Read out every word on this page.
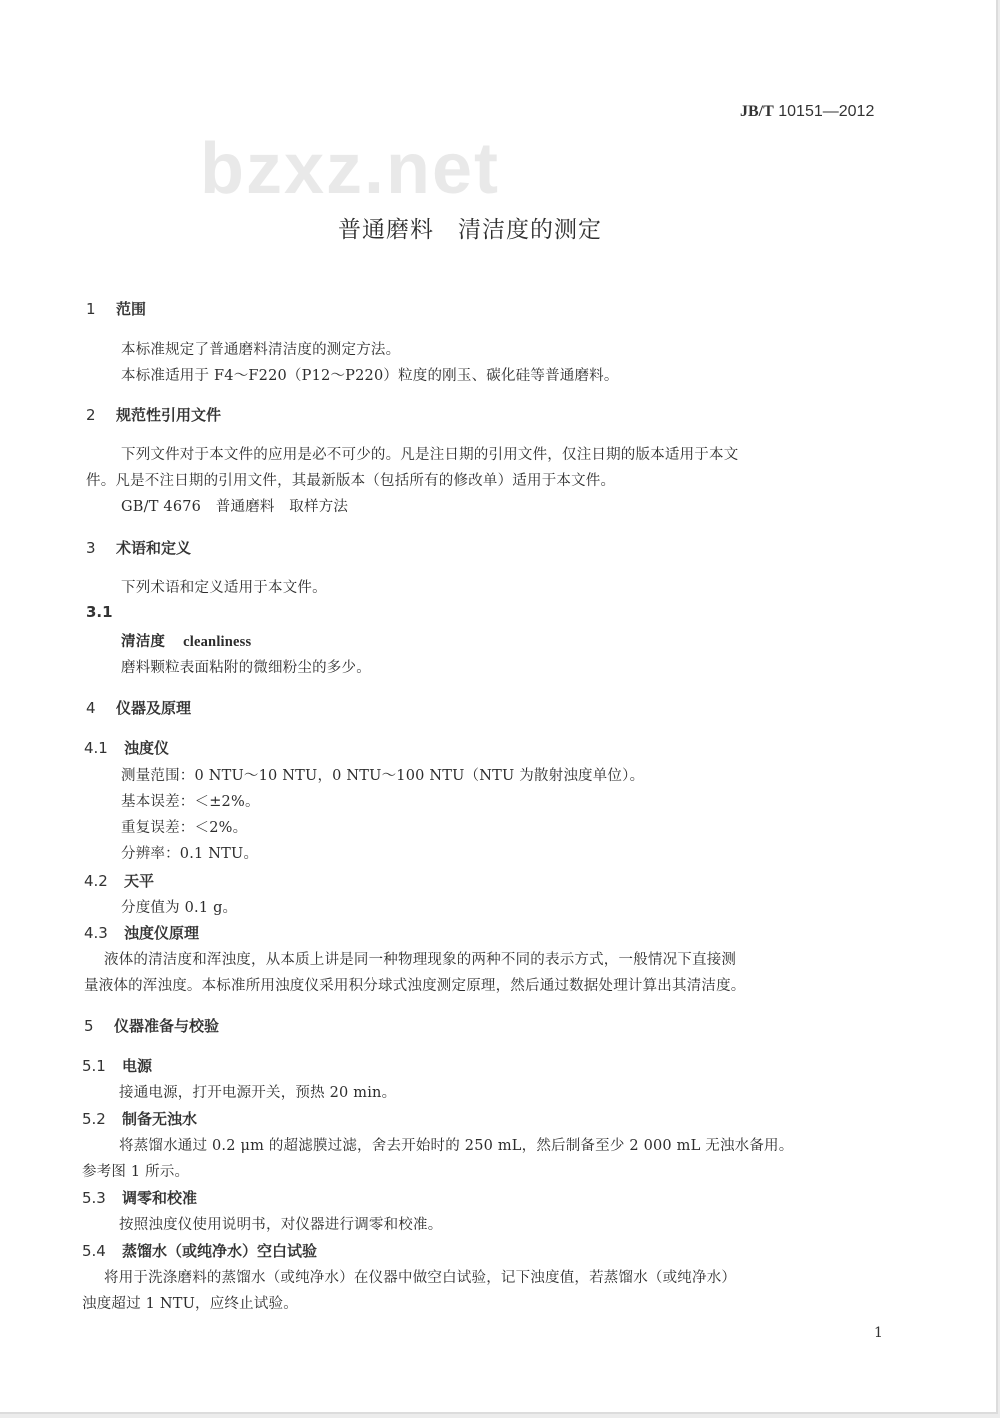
JB/T 10151—2012
bzxz.net
普通磨料　清洁度的测定
1 范围
本标准规定了普通磨料清洁度的测定方法。
本标准适用于 F4～F220（P12～P220）粒度的刚玉、碳化硅等普通磨料。
2 规范性引用文件
下列文件对于本文件的应用是必不可少的。凡是注日期的引用文件，仅注日期的版本适用于本文
件。凡是不注日期的引用文件，其最新版本（包括所有的修改单）适用于本文件。
GB/T 4676　普通磨料　取样方法
3 术语和定义
下列术语和定义适用于本文件。
3.1
清洁度 cleanliness
磨料颗粒表面粘附的微细粉尘的多少。
4 仪器及原理
4.1 浊度仪
测量范围：0 NTU～10 NTU，0 NTU～100 NTU（NTU 为散射浊度单位）。
基本误差：＜±2%。
重复误差：＜2%。
分辨率：0.1 NTU。
4.2 天平
分度值为 0.1 g。
4.3 浊度仪原理
液体的清洁度和浑浊度，从本质上讲是同一种物理现象的两种不同的表示方式，一般情况下直接测
量液体的浑浊度。本标准所用浊度仪采用积分球式浊度测定原理，然后通过数据处理计算出其清洁度。
5 仪器准备与校验
5.1 电源
接通电源，打开电源开关，预热 20 min。
5.2 制备无浊水
将蒸馏水通过 0.2 μm 的超滤膜过滤，舍去开始时的 250 mL，然后制备至少 2 000 mL 无浊水备用。
参考图 1 所示。
5.3 调零和校准
按照浊度仪使用说明书，对仪器进行调零和校准。
5.4 蒸馏水（或纯净水）空白试验
将用于洗涤磨料的蒸馏水（或纯净水）在仪器中做空白试验，记下浊度值，若蒸馏水（或纯净水）
浊度超过 1 NTU，应终止试验。
1
